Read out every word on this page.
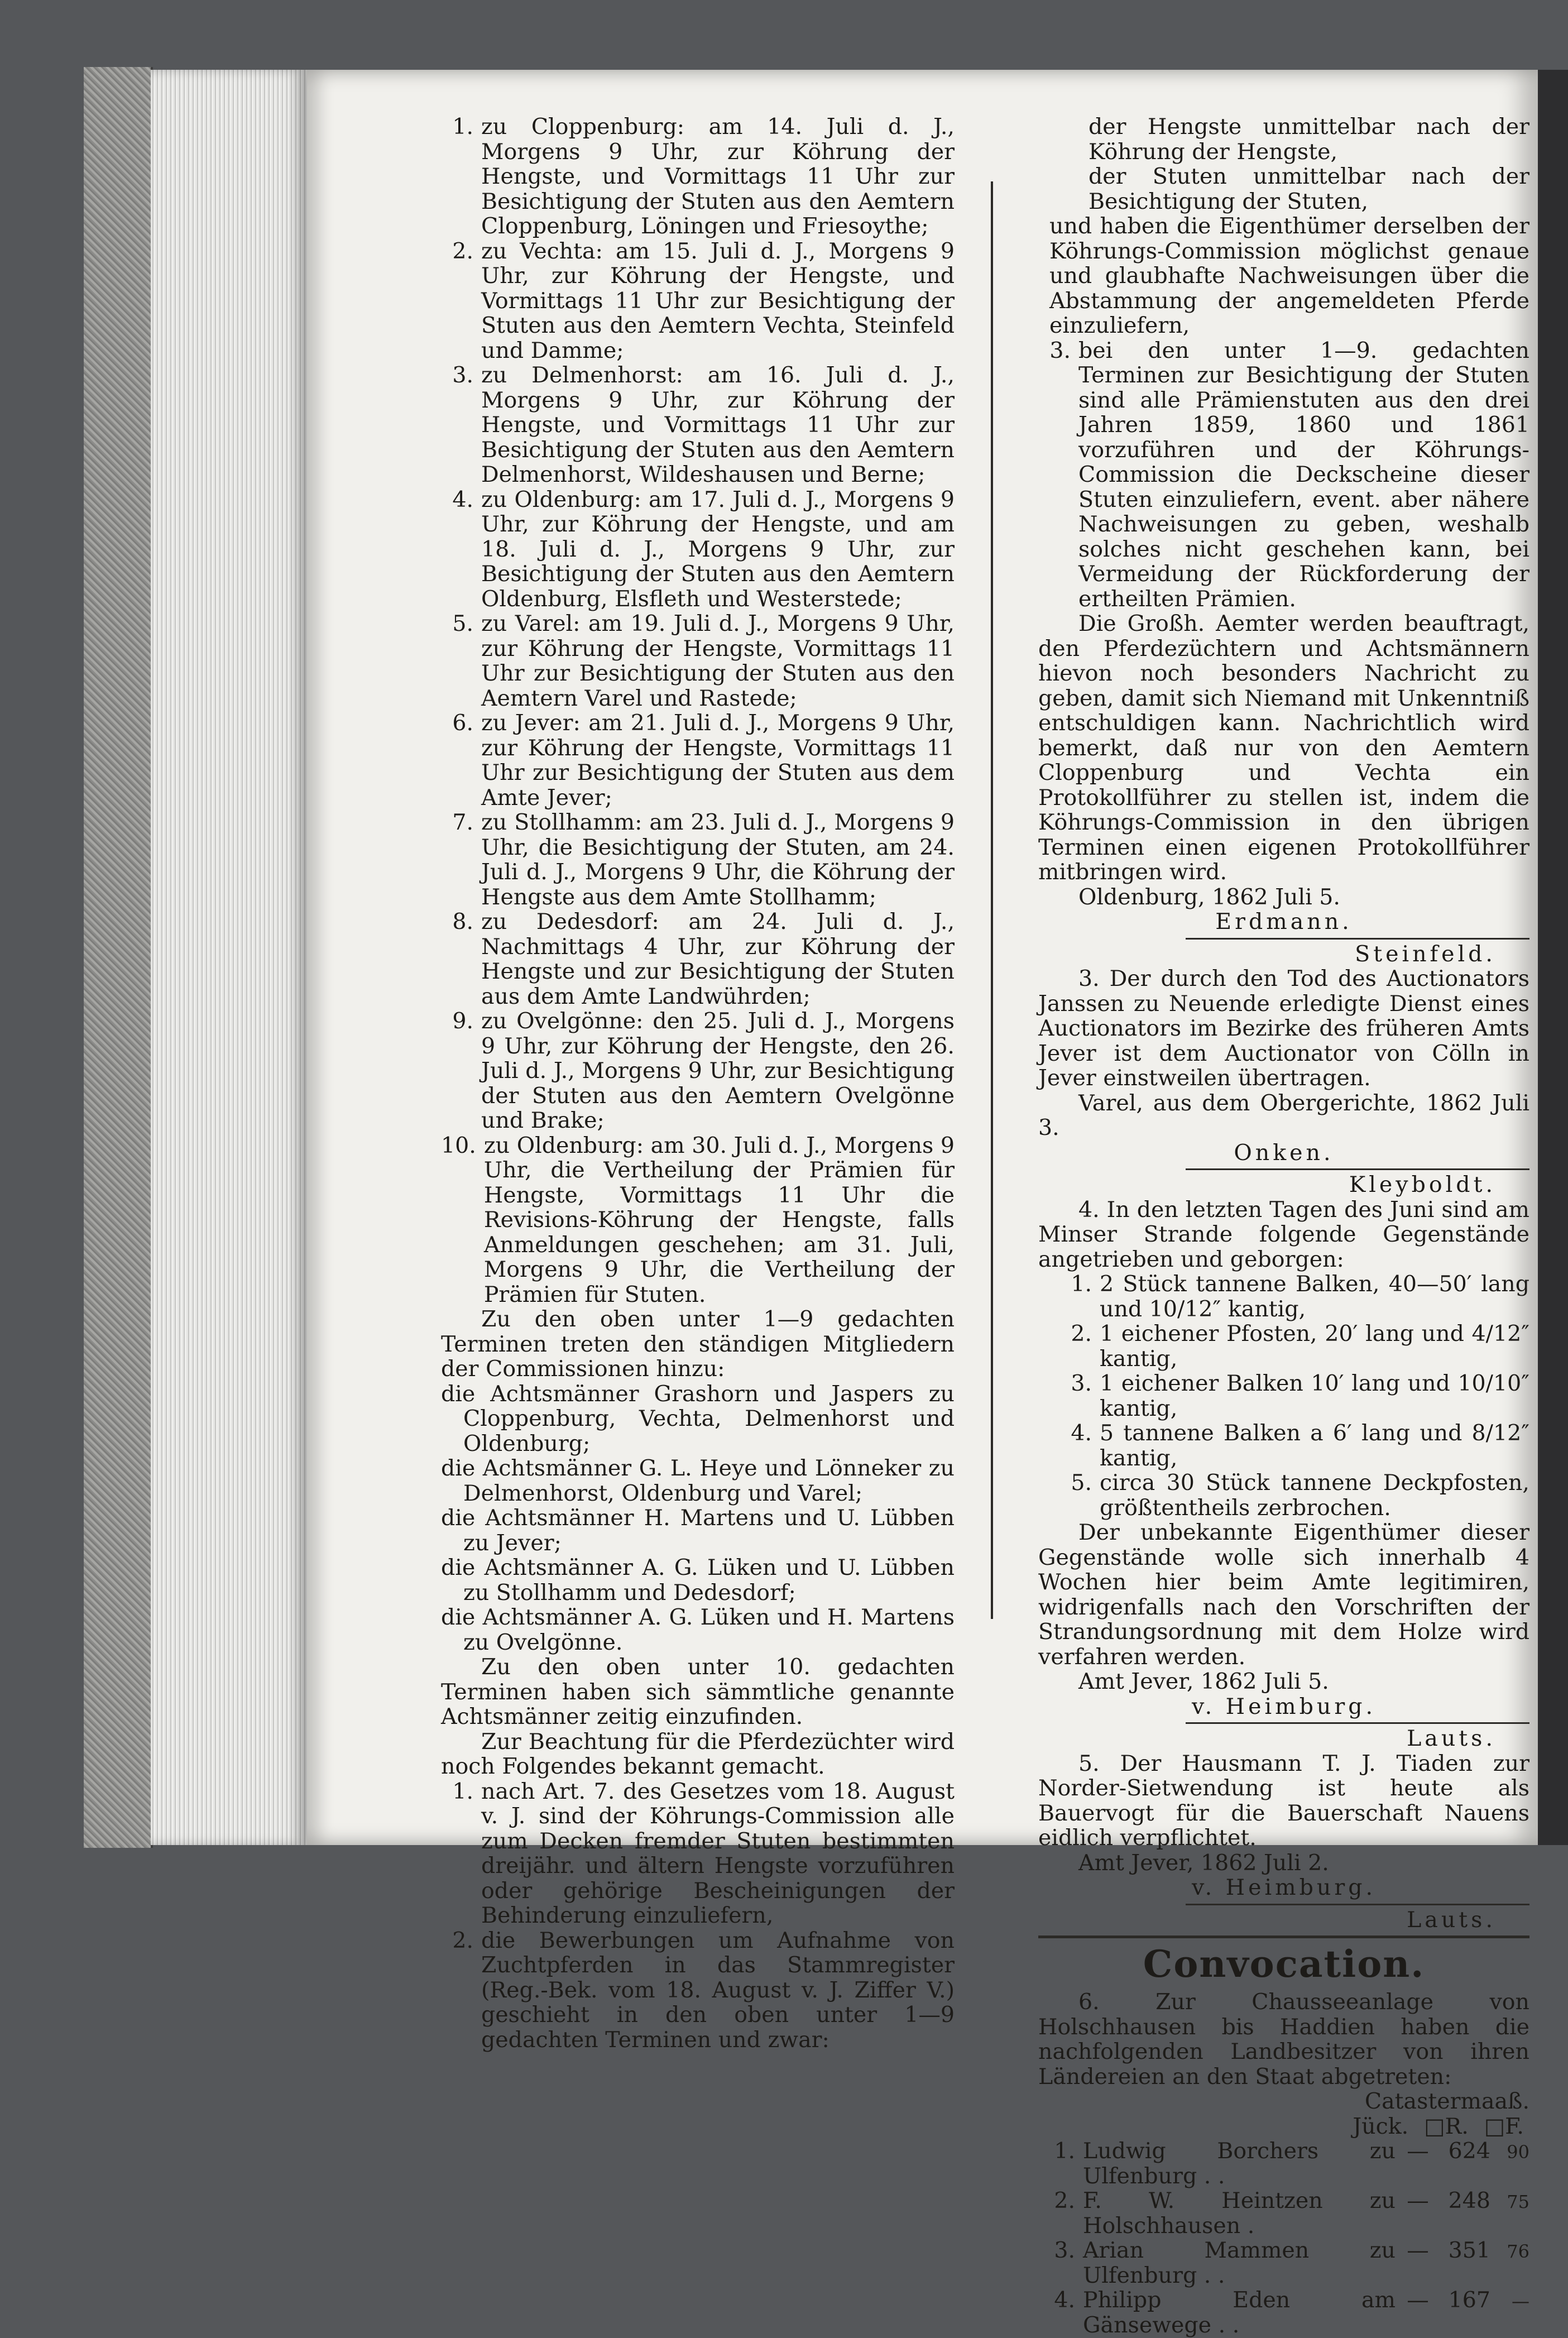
1. zu Cloppenburg: am 14. Juli d. J., Morgens 9 Uhr, zur Köhrung der Hengste, und Vormittags 11 Uhr zur Besichtigung der Stuten aus den Aemtern Cloppenburg, Löningen und Friesoythe;
2. zu Vechta: am 15. Juli d. J., Morgens 9 Uhr, zur Köhrung der Hengste, und Vormittags 11 Uhr zur Besichtigung der Stuten aus den Aemtern Vechta, Steinfeld und Damme;
3. zu Delmenhorst: am 16. Juli d. J., Morgens 9 Uhr, zur Köhrung der Hengste, und Vormittags 11 Uhr zur Besichtigung der Stuten aus den Aemtern Delmenhorst, Wildeshausen und Berne;
4. zu Oldenburg: am 17. Juli d. J., Morgens 9 Uhr, zur Köhrung der Hengste, und am 18. Juli d. J., Morgens 9 Uhr, zur Besichtigung der Stuten aus den Aemtern Oldenburg, Elsfleth und Westerstede;
5. zu Varel: am 19. Juli d. J., Morgens 9 Uhr, zur Köhrung der Hengste, Vormittags 11 Uhr zur Besichtigung der Stuten aus den Aemtern Varel und Rastede;
6. zu Jever: am 21. Juli d. J., Morgens 9 Uhr, zur Köhrung der Hengste, Vormittags 11 Uhr zur Besichtigung der Stuten aus dem Amte Jever;
7. zu Stollhamm: am 23. Juli d. J., Morgens 9 Uhr, die Besichtigung der Stuten, am 24. Juli d. J., Morgens 9 Uhr, die Köhrung der Hengste aus dem Amte Stollhamm;
8. zu Dedesdorf: am 24. Juli d. J., Nachmittags 4 Uhr, zur Köhrung der Hengste und zur Besichtigung der Stuten aus dem Amte Landwührden;
9. zu Ovelgönne: den 25. Juli d. J., Morgens 9 Uhr, zur Köhrung der Hengste, den 26. Juli d. J., Morgens 9 Uhr, zur Besichtigung der Stuten aus den Aemtern Ovelgönne und Brake;
10. zu Oldenburg: am 30. Juli d. J., Morgens 9 Uhr, die Vertheilung der Prämien für Hengste, Vormittags 11 Uhr die Revisions-Köhrung der Hengste, falls Anmeldungen geschehen; am 31. Juli, Morgens 9 Uhr, die Vertheilung der Prämien für Stuten.

Zu den oben unter 1—9 gedachten Terminen treten den ständigen Mitgliedern der Commissionen hinzu:

die Achtsmänner Grashorn und Jaspers zu Cloppenburg, Vechta, Delmenhorst und Oldenburg;

die Achtsmänner G. L. Heye und Lönneker zu Delmenhorst, Oldenburg und Varel;

die Achtsmänner H. Martens und U. Lübben zu Jever;

die Achtsmänner A. G. Lüken und U. Lübben zu Stollhamm und Dedesdorf;

die Achtsmänner A. G. Lüken und H. Martens zu Ovelgönne.

Zu den oben unter 10. gedachten Terminen haben sich sämmtliche genannte Achtsmänner zeitig einzufinden.

Zur Beachtung für die Pferdezüchter wird noch Folgendes bekannt gemacht.

1. nach Art. 7. des Gesetzes vom 18. August v. J. sind der Köhrungs-Commission alle zum Decken fremder Stuten bestimmten dreijähr. und ältern Hengste vorzuführen oder gehörige Bescheinigungen der Behinderung einzuliefern,
2. die Bewerbungen um Aufnahme von Zuchtpferden in das Stammregister (Reg.-Bek. vom 18. August v. J. Ziffer V.) geschieht in den oben unter 1—9 gedachten Terminen und zwar:

der Hengste unmittelbar nach der Köhrung der Hengste,

der Stuten unmittelbar nach der Besichtigung der Stuten,

und haben die Eigenthümer derselben der Köhrungs-Commission möglichst genaue und glaubhafte Nachweisungen über die Abstammung der angemeldeten Pferde einzuliefern,

3. bei den unter 1—9. gedachten Terminen zur Besichtigung der Stuten sind alle Prämienstuten aus den drei Jahren 1859, 1860 und 1861 vorzuführen und der Köhrungs-Commission die Deckscheine dieser Stuten einzuliefern, event. aber nähere Nachweisungen zu geben, weshalb solches nicht geschehen kann, bei Vermeidung der Rückforderung der ertheilten Prämien.

Die Großh. Aemter werden beauftragt, den Pferdezüchtern und Achtsmännern hievon noch besonders Nachricht zu geben, damit sich Niemand mit Unkenntniß entschuldigen kann. Nachrichtlich wird bemerkt, daß nur von den Aemtern Cloppenburg und Vechta ein Protokollführer zu stellen ist, indem die Köhrungs-Commission in den übrigen Terminen einen eigenen Protokollführer mitbringen wird.

Oldenburg, 1862 Juli 5.

Erdmann.

Steinfeld.

3. Der durch den Tod des Auctionators Janssen zu Neuende erledigte Dienst eines Auctionators im Bezirke des früheren Amts Jever ist dem Auctionator von Cölln in Jever einstweilen übertragen.

Varel, aus dem Obergerichte, 1862 Juli 3.

Onken.

Kleyboldt.

4. In den letzten Tagen des Juni sind am Minser Strande folgende Gegenstände angetrieben und geborgen:

1. 2 Stück tannene Balken, 40—50′ lang und 10/12″ kantig,
2. 1 eichener Pfosten, 20′ lang und 4/12″ kantig,
3. 1 eichener Balken 10′ lang und 10/10″ kantig,
4. 5 tannene Balken a 6′ lang und 8/12″ kantig,
5. circa 30 Stück tannene Deckpfosten, größtentheils zerbrochen.

Der unbekannte Eigenthümer dieser Gegenstände wolle sich innerhalb 4 Wochen hier beim Amte legitimiren, widrigenfalls nach den Vorschriften der Strandungsordnung mit dem Holze wird verfahren werden.

Amt Jever, 1862 Juli 5.

v. Heimburg.

Lauts.

5. Der Hausmann T. J. Tiaden zur Norder-Sietwendung ist heute als Bauervogt für die Bauerschaft Nauens eidlich verpflichtet.

Amt Jever, 1862 Juli 2.

v. Heimburg.

Lauts.

Convocation.

6. Zur Chausseeanlage von Holschhausen bis Haddien haben die nachfolgenden Landbesitzer von ihren Ländereien an den Staat abgetreten:

Catastermaaß.

Jück. □R. □F.
1. Ludwig Borchers zu Ulfenburg . .
— 624 90
2. F. W. Heintzen zu Holschhausen .
— 248 75
3. Arian Mammen zu Ulfenburg . .
— 351 76
4. Philipp Eden am Gänsewege . .
— 167	—
